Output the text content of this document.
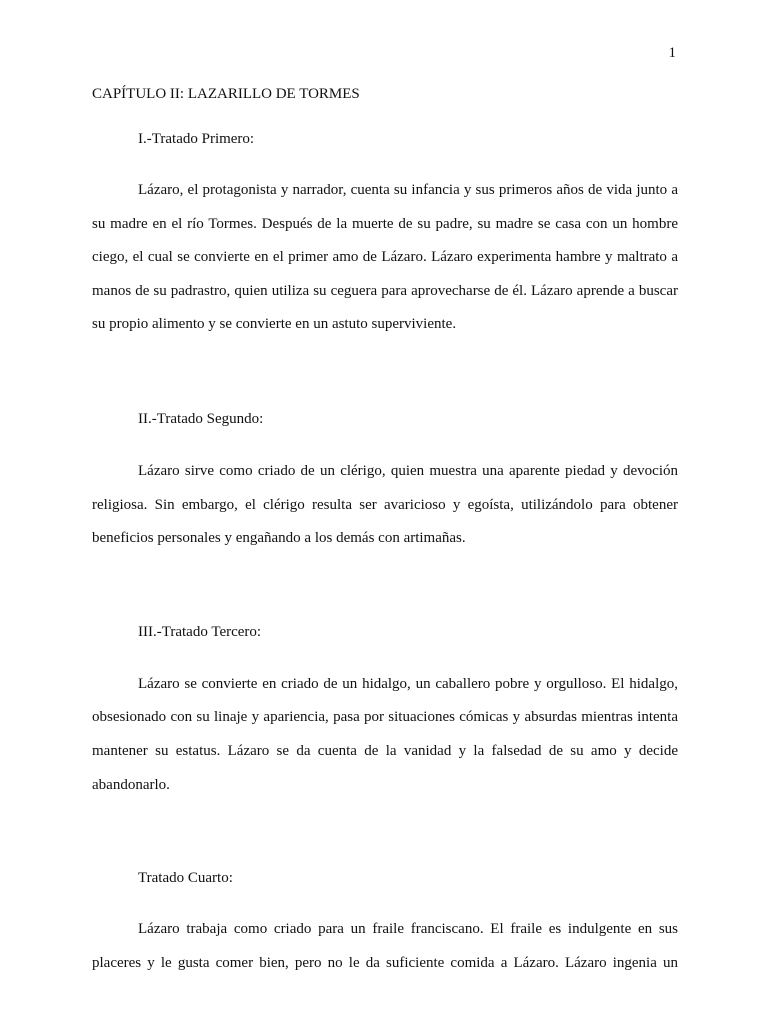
1
CAPÍTULO II: LAZARILLO DE TORMES
I.-Tratado Primero:

Lázaro, el protagonista y narrador, cuenta su infancia y sus primeros años de vida junto a su madre en el río Tormes. Después de la muerte de su padre, su madre se casa con un hombre ciego, el cual se convierte en el primer amo de Lázaro. Lázaro experimenta hambre y maltrato a manos de su padrastro, quien utiliza su ceguera para aprovecharse de él. Lázaro aprende a buscar su propio alimento y se convierte en un astuto superviviente.

II.-Tratado Segundo:

Lázaro sirve como criado de un clérigo, quien muestra una aparente piedad y devoción religiosa. Sin embargo, el clérigo resulta ser avaricioso y egoísta, utilizándolo para obtener beneficios personales y engañando a los demás con artimañas.

III.-Tratado Tercero:

Lázaro se convierte en criado de un hidalgo, un caballero pobre y orgulloso. El hidalgo, obsesionado con su linaje y apariencia, pasa por situaciones cómicas y absurdas mientras intenta mantener su estatus. Lázaro se da cuenta de la vanidad y la falsedad de su amo y decide abandonarlo.

Tratado Cuarto:

Lázaro trabaja como criado para un fraile franciscano. El fraile es indulgente en sus placeres y le gusta comer bien, pero no le da suficiente comida a Lázaro. Lázaro ingenia un
